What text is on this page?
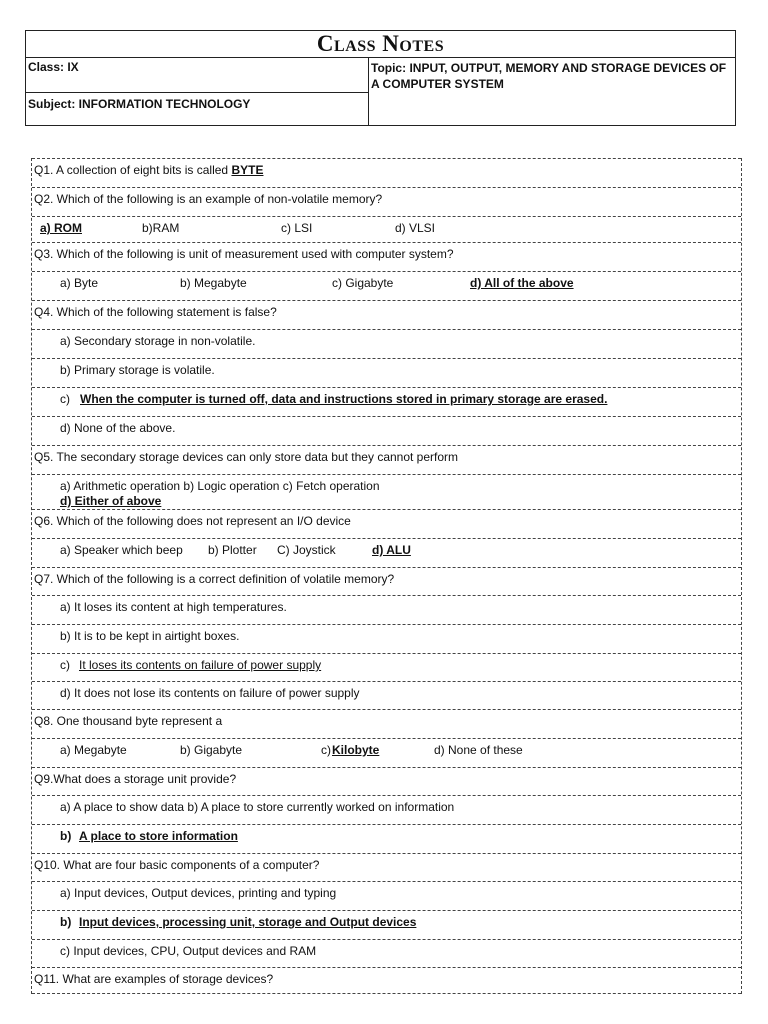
Class Notes
Class: IX
Subject: INFORMATION TECHNOLOGY
Topic: INPUT, OUTPUT, MEMORY AND STORAGE DEVICES OF A COMPUTER SYSTEM
Q1. A collection of eight bits is called BYTE
Q2. Which of the following is an example of non-volatile memory?
a) ROM	b)RAM	c) LSI	d) VLSI
Q3. Which of the following is unit of measurement used with computer system?
a) Byte	b) Megabyte	c) Gigabyte	d) All of the above
Q4. Which of the following statement is false?
a) Secondary storage in non-volatile.
b) Primary storage is volatile.
c) When the computer is turned off, data and instructions stored in primary storage are erased.
d) None of the above.
Q5. The secondary storage devices can only store data but they cannot perform
a) Arithmetic operation b) Logic operation c) Fetch operation
d) Either of above
Q6. Which of the following does not represent an I/O device
a) Speaker which beep b) Plotter C) Joystick	d) ALU
Q7. Which of the following is a correct definition of volatile memory?
a) It loses its content at high temperatures.
b) It is to be kept in airtight boxes.
c) It loses its contents on failure of power supply
d) It does not lose its contents on failure of power supply
Q8. One thousand byte represent a
a) Megabyte	b) Gigabyte	c) Kilobyte	d) None of these
Q9.What does a storage unit provide?
a) A place to show data b) A place to store currently worked on information
b) A place to store information
Q10. What are four basic components of a computer?
a) Input devices, Output devices, printing and typing
b) Input devices, processing unit, storage and Output devices
c) Input devices, CPU, Output devices and RAM
Q11. What are examples of storage devices?
